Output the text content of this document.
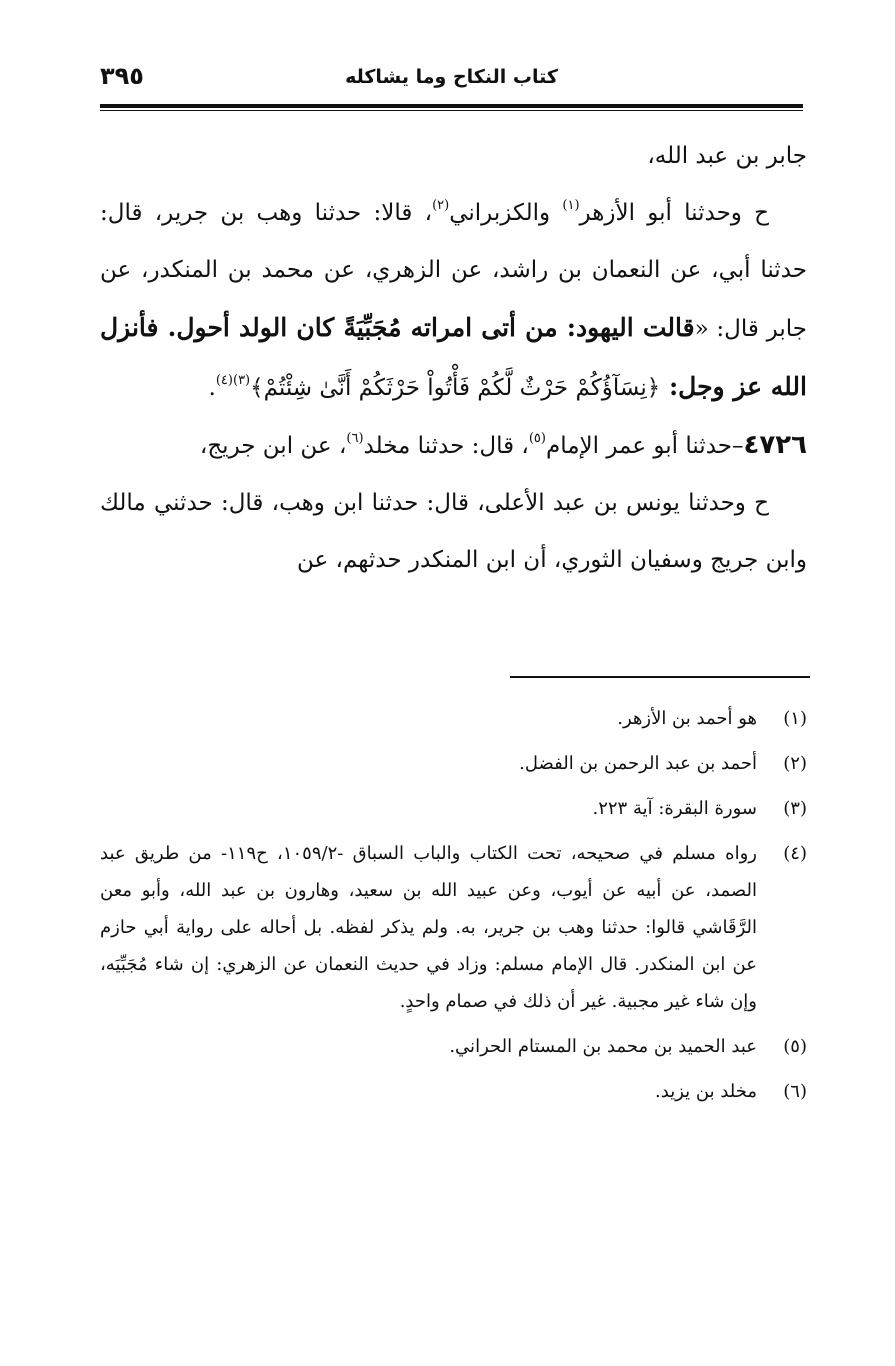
كتاب النكاح وما يشاكله
٣٩٥

جابر بن عبد الله،

ح وحدثنا أبو الأزهر$^{(١)}$ والكزبراني$^{(٢)}$، قالا: حدثنا وهب بن جرير، قال: حدثنا أبي، عن النعمان بن راشد، عن الزهري، عن محمد بن المنكدر، عن جابر قال: «قالت اليهود: من أتى امراته مُجَبِّيَةً كان الولد أحول. فأنزل الله عز وجل: ﴿نِسَآؤُكُمْ حَرْثٌ لَّكُمْ فَأْتُواْ حَرْثَكُمْ أَنَّىٰ شِئْتُمْ﴾$^{(٣)(٤)}$.

٤٧٢٦–حدثنا أبو عمر الإمام$^{(٥)}$، قال: حدثنا مخلد$^{(٦)}$، عن ابن جريج،

ح وحدثنا يونس بن عبد الأعلى، قال: حدثنا ابن وهب، قال: حدثني مالك وابن جريج وسفيان الثوري، أن ابن المنكدر حدثهم، عن

(١)
هو أحمد بن الأزهر.
(٢)
أحمد بن عبد الرحمن بن الفضل.
(٣)
سورة البقرة: آية ٢٢٣.
(٤)
رواه مسلم في صحيحه، تحت الكتاب والباب السباق -١٠٥٩/٢، ح١١٩- من طريق عبد الصمد، عن أبيه عن أيوب، وعن عبيد الله بن سعيد، وهارون بن عبد الله، وأبو معن الرَّقَاشي قالوا: حدثنا وهب بن جرير، به. ولم يذكر لفظه. بل أحاله على رواية أبي حازم عن ابن المنكدر. قال الإمام مسلم: وزاد في حديث النعمان عن الزهري: إن شاء مُجَبِّيَه، وإن شاء غير مجبية. غير أن ذلك في صمام واحدٍ.
(٥)
عبد الحميد بن محمد بن المستام الحراني.
(٦)
مخلد بن يزيد.
